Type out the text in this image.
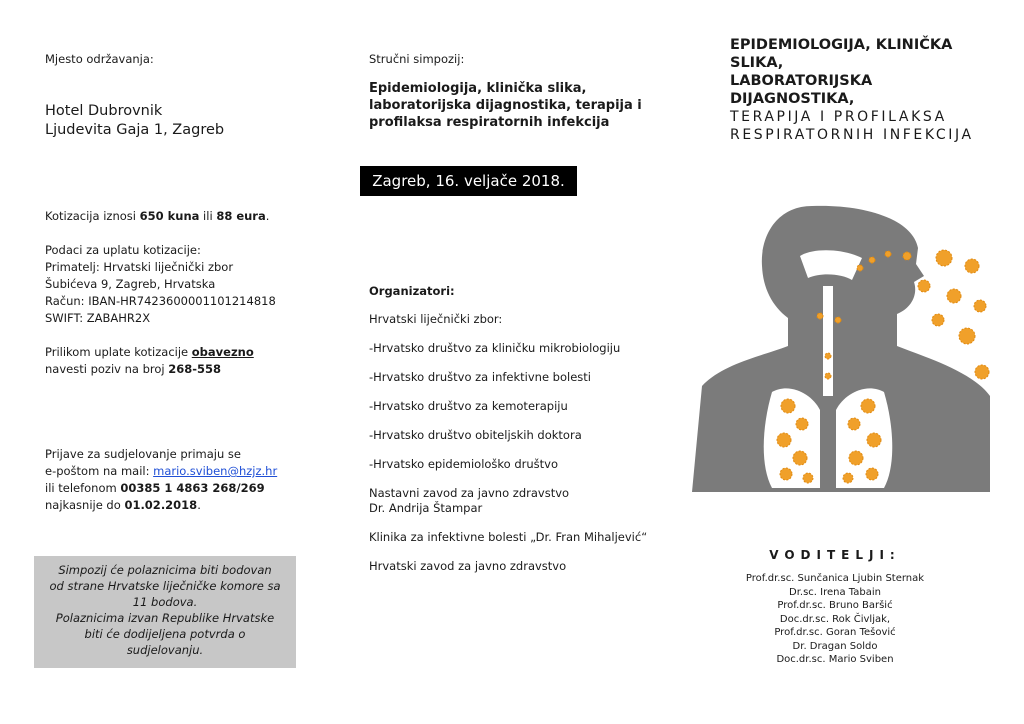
Mjesto održavanja:
Hotel Dubrovnik
Ljudevita Gaja 1, Zagreb
Kotizacija iznosi 650 kuna ili 88 eura.
Podaci za uplatu kotizacije:
Primatelj: Hrvatski liječnički zbor
Šubićeva 9, Zagreb, Hrvatska
Račun: IBAN-HR7423600001101214818
SWIFT: ZABAHR2X
Prilikom uplate kotizacije obavezno
navesti poziv na broj 268-558
Prijave za sudjelovanje primaju se
e-poštom na mail: mario.sviben@hzjz.hr
ili telefonom 00385 1 4863 268/269
najkasnije do 01.02.2018.
Simpozij će polaznicima biti bodovan
od strane Hrvatske liječničke komore sa
11 bodova.
Polaznicima izvan Republike Hrvatske
biti će dodijeljena potvrda o
sudjelovanju.
Stručni simpozij:
Epidemiologija, klinička slika, laboratorijska dijagnostika, terapija i profilaksa respiratornih infekcija
Zagreb, 16. veljače 2018.
Organizatori:
Hrvatski liječnički zbor:
-Hrvatsko društvo za kliničku mikrobiologiju
-Hrvatsko društvo za infektivne bolesti
-Hrvatsko društvo za kemoterapiju
-Hrvatsko društvo obiteljskih doktora
-Hrvatsko epidemiološko društvo
Nastavni zavod za javno zdravstvo
Dr. Andrija Štampar
Klinika za infektivne bolesti „Dr. Fran Mihaljević“
Hrvatski zavod za javno zdravstvo
EPIDEMIOLOGIJA, KLINIČKA SLIKA,
LABORATORIJSKA DIJAGNOSTIKA,
TERAPIJA I PROFILAKSA
RESPIRATORNIH INFEKCIJA
VODITELJI:
Prof.dr.sc. Sunčanica Ljubin Sternak
Dr.sc. Irena Tabain
Prof.dr.sc. Bruno Baršić
Doc.dr.sc. Rok Čivljak,
Prof.dr.sc. Goran Tešović
Dr. Dragan Soldo
Doc.dr.sc. Mario Sviben
